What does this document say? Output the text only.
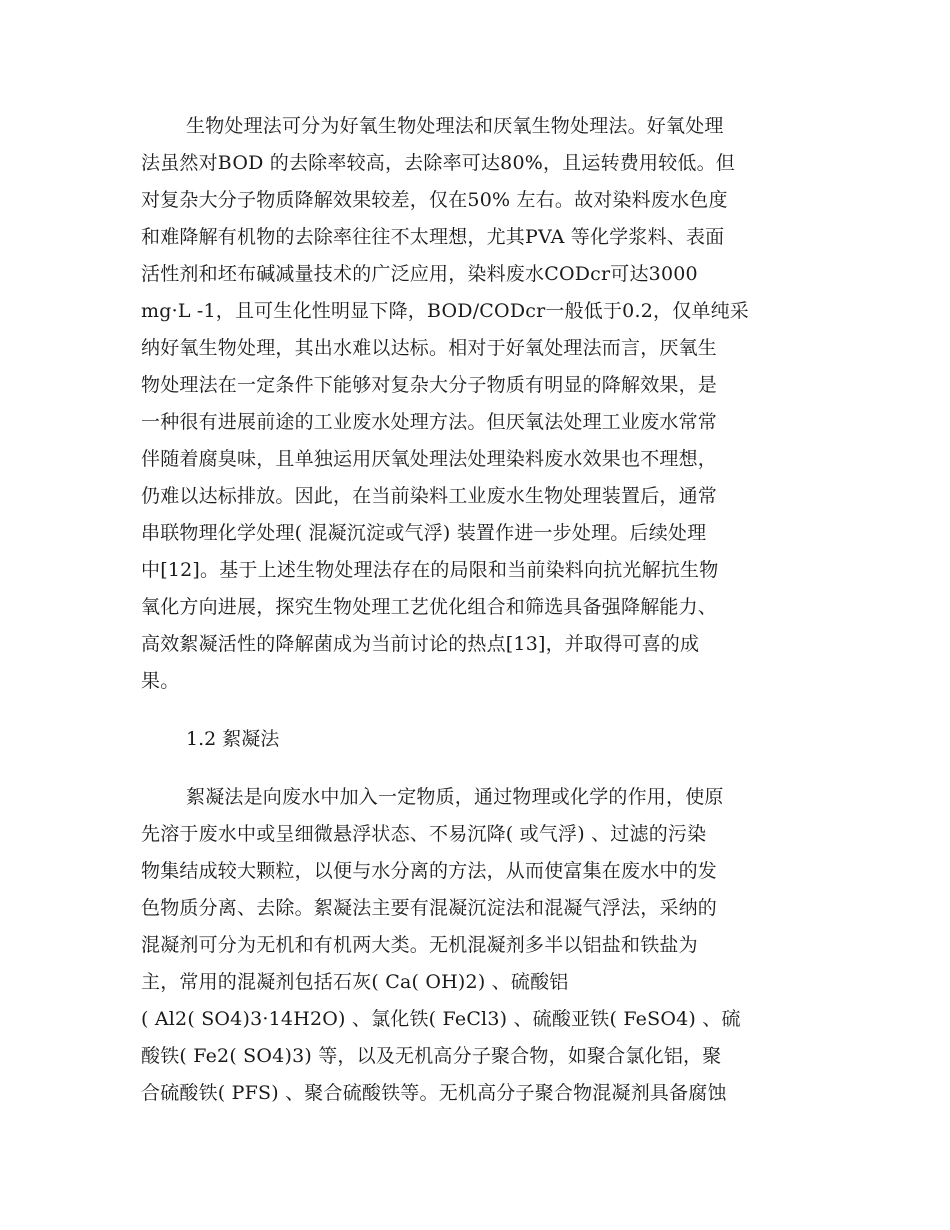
生物处理法可分为好氧生物处理法和厌氧生物处理法。好氧处理
法虽然对BOD 的去除率较高，去除率可达80%，且运转费用较低。但
对复杂大分子物质降解效果较差，仅在50% 左右。故对染料废水色度
和难降解有机物的去除率往往不太理想，尤其PVA 等化学浆料、表面
活性剂和坯布碱减量技术的广泛应用，染料废水CODcr可达3000
mg·L -1，且可生化性明显下降，BOD/CODcr一般低于0.2，仅单纯采
纳好氧生物处理，其出水难以达标。相对于好氧处理法而言，厌氧生
物处理法在一定条件下能够对复杂大分子物质有明显的降解效果，是
一种很有进展前途的工业废水处理方法。但厌氧法处理工业废水常常
伴随着腐臭味，且单独运用厌氧处理法处理染料废水效果也不理想，
仍难以达标排放。因此，在当前染料工业废水生物处理装置后，通常
串联物理化学处理( 混凝沉淀或气浮) 装置作进一步处理。后续处理
中[12]。基于上述生物处理法存在的局限和当前染料向抗光解抗生物
氧化方向进展，探究生物处理工艺优化组合和筛选具备强降解能力、
高效絮凝活性的降解菌成为当前讨论的热点[13]，并取得可喜的成
果。
1.2 絮凝法
絮凝法是向废水中加入一定物质，通过物理或化学的作用，使原
先溶于废水中或呈细微悬浮状态、不易沉降( 或气浮) 、过滤的污染
物集结成较大颗粒，以便与水分离的方法，从而使富集在废水中的发
色物质分离、去除。絮凝法主要有混凝沉淀法和混凝气浮法，采纳的
混凝剂可分为无机和有机两大类。无机混凝剂多半以铝盐和铁盐为
主，常用的混凝剂包括石灰( Ca( OH)2) 、硫酸铝
( Al2( SO4)3·14H2O) 、氯化铁( FeCl3) 、硫酸亚铁( FeSO4) 、硫
酸铁( Fe2( SO4)3) 等，以及无机高分子聚合物，如聚合氯化铝，聚
合硫酸铁( PFS) 、聚合硫酸铁等。无机高分子聚合物混凝剂具备腐蚀
